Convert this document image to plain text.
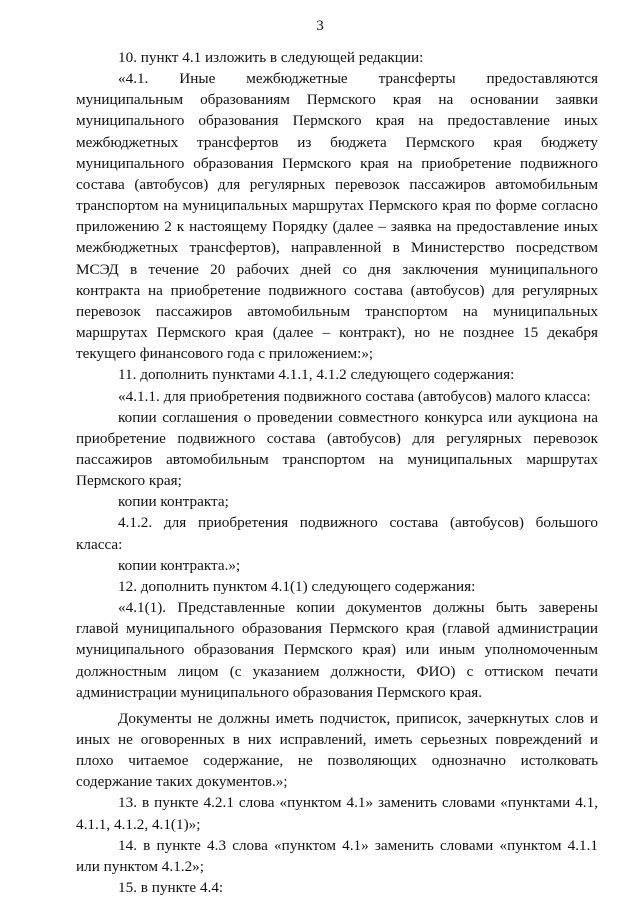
3

10. пункт 4.1 изложить в следующей редакции:

«4.1. Иные межбюджетные трансферты предоставляются муниципальным образованиям Пермского края на основании заявки муниципального образования Пермского края на предоставление иных межбюджетных трансфертов из бюджета Пермского края бюджету муниципального образования Пермского края на приобретение подвижного состава (автобусов) для регулярных перевозок пассажиров автомобильным транспортом на муниципальных маршрутах Пермского края по форме согласно приложению 2 к настоящему Порядку (далее – заявка на предоставление иных межбюджетных трансфертов), направленной в Министерство посредством МСЭД в течение 20 рабочих дней со дня заключения муниципального контракта на приобретение подвижного состава (автобусов) для регулярных перевозок пассажиров автомобильным транспортом на муниципальных маршрутах Пермского края (далее – контракт), но не позднее 15 декабря текущего финансового года с приложением:»;

11. дополнить пунктами 4.1.1, 4.1.2 следующего содержания:

«4.1.1. для приобретения подвижного состава (автобусов) малого класса:

копии соглашения о проведении совместного конкурса или аукциона на приобретение подвижного состава (автобусов) для регулярных перевозок пассажиров автомобильным транспортом на муниципальных маршрутах Пермского края;

копии контракта;

4.1.2. для приобретения подвижного состава (автобусов) большого класса:

копии контракта.»;

12. дополнить пунктом 4.1(1) следующего содержания:

«4.1(1). Представленные копии документов должны быть заверены главой муниципального образования Пермского края (главой администрации муниципального образования Пермского края) или иным уполномоченным должностным лицом (с указанием должности, ФИО) с оттиском печати администрации муниципального образования Пермского края.

Документы не должны иметь подчисток, приписок, зачеркнутых слов и иных не оговоренных в них исправлений, иметь серьезных повреждений и плохо читаемое содержание, не позволяющих однозначно истолковать содержание таких документов.»;

13. в пункте 4.2.1 слова «пунктом 4.1» заменить словами «пунктами 4.1, 4.1.1, 4.1.2, 4.1(1)»;

14. в пункте 4.3 слова «пунктом 4.1» заменить словами «пунктом 4.1.1 или пунктом 4.1.2»;

15. в пункте 4.4:
